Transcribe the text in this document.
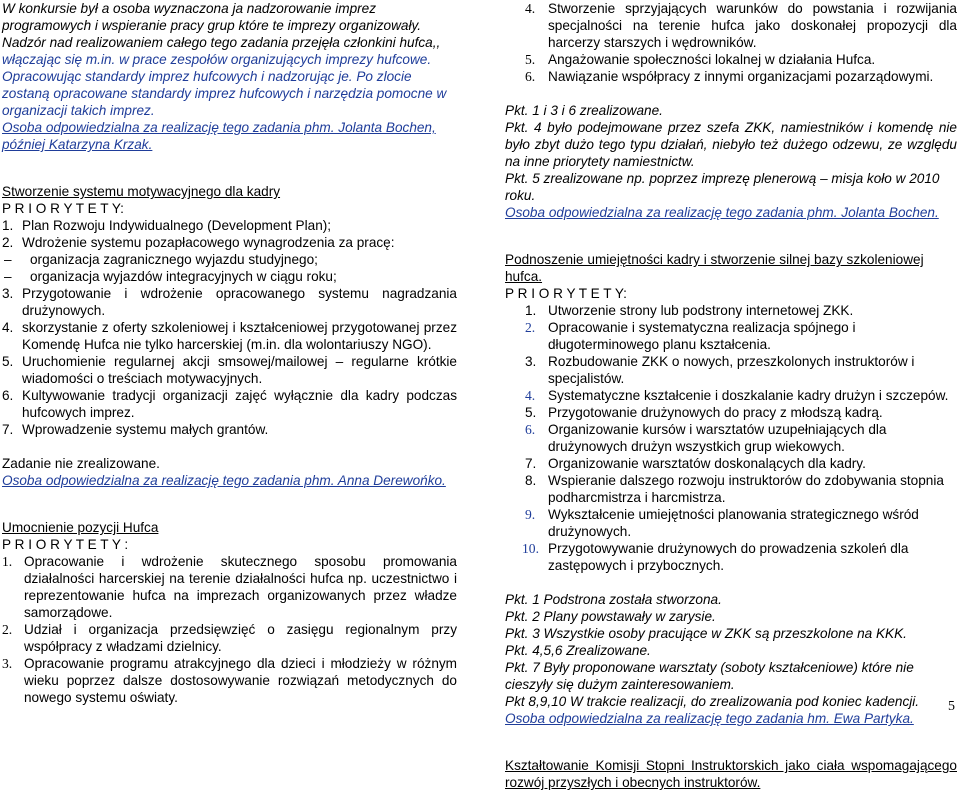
W konkursie był a osoba wyznaczona ja nadzorowanie imprez

programowych i wspieranie pracy grup które te imprezy organizowały.

Nadzór nad realizowaniem całego tego zadania przejęła członkini hufca,,

włączając się m.in. w prace zespołów organizujących imprezy hufcowe.

Opracowując standardy imprez hufcowych i nadzorując je. Po zlocie zostaną opracowane standardy imprez hufcowych i narzędzia pomocne w organizacji takich imprez.

Osoba odpowiedzialna za realizację tego zadania phm. Jolanta Bochen, później Katarzyna Krzak.

Stworzenie systemu motywacyjnego dla kadry

P R I O R Y T E T Y:

1. Plan Rozwoju Indywidualnego (Development Plan);
2. Wdrożenie systemu pozapłacowego wynagrodzenia za pracę:
–	organizacja zagranicznego wyjazdu studyjnego;
–	organizacja wyjazdów integracyjnych w ciągu roku;
3. Przygotowanie i wdrożenie opracowanego systemu nagradzania drużynowych.
4. skorzystanie z oferty szkoleniowej i kształceniowej przygotowanej przez Komendę Hufca nie tylko harcerskiej (m.in. dla wolontariuszy NGO).
5. Uruchomienie regularnej akcji smsowej/mailowej – regularne krótkie wiadomości o treściach motywacyjnych.
6. Kultywowanie tradycji organizacji zajęć wyłącznie dla kadry podczas hufcowych imprez.
7. Wprowadzenie systemu małych grantów.

Zadanie nie zrealizowane.

Osoba odpowiedzialna za realizację tego zadania phm. Anna Derewońko.

Umocnienie pozycji Hufca

P R I O R Y T E T Y :

1. Opracowanie i wdrożenie skutecznego sposobu promowania działalności harcerskiej na terenie działalności hufca np. uczestnictwo i reprezentowanie hufca na imprezach organizowanych przez władze samorządowe.
2. Udział i organizacja przedsięwzięć o zasięgu regionalnym przy współpracy z władzami dzielnicy.
3. Opracowanie programu atrakcyjnego dla dzieci i młodzieży w różnym wieku poprzez dalsze dostosowywanie rozwiązań metodycznych do nowego systemu oświaty.
4. Stworzenie sprzyjających warunków do powstania i rozwijania specjalności na terenie hufca jako doskonałej propozycji dla harcerzy starszych i wędrowników.
5. Angażowanie społeczności lokalnej w działania Hufca.
6. Nawiązanie współpracy z innymi organizacjami pozarządowymi.

Pkt. 1 i 3 i 6 zrealizowane.

Pkt. 4 było podejmowane przez szefa ZKK, namiestników i komendę nie było zbyt dużo tego typu działań, niebyło też dużego odzewu, ze względu na inne priorytety namiestnictw.

Pkt. 5 zrealizowane np. poprzez imprezę plenerową – misja koło w 2010 roku.

Osoba odpowiedzialna za realizację tego zadania phm. Jolanta Bochen.

Podnoszenie umiejętności kadry i stworzenie silnej bazy szkoleniowej hufca.

P R I O R Y T E T Y:

1. Utworzenie strony lub podstrony internetowej ZKK.
2. Opracowanie i systematyczna realizacja spójnego i długoterminowego planu kształcenia.
3. Rozbudowanie ZKK o nowych, przeszkolonych instruktorów i specjalistów.
4. Systematyczne kształcenie i doszkalanie kadry drużyn i szczepów.
5. Przygotowanie drużynowych do pracy z młodszą kadrą.
6. Organizowanie kursów i warsztatów uzupełniających dla drużynowych drużyn wszystkich grup wiekowych.
7. Organizowanie warsztatów doskonalących dla kadry.
8. Wspieranie dalszego rozwoju instruktorów do zdobywania stopnia podharcmistrza i harcmistrza.
9. Wykształcenie umiejętności planowania strategicznego wśród drużynowych.
10. Przygotowywanie drużynowych do prowadzenia szkoleń dla zastępowych i przybocznych.

Pkt. 1 Podstrona została stworzona.

Pkt. 2 Plany powstawały w zarysie.

Pkt. 3 Wszystkie osoby pracujące w ZKK są przeszkolone na KKK.

Pkt. 4,5,6 Zrealizowane.

Pkt. 7 Były proponowane warsztaty (soboty kształceniowe) które nie cieszyły się dużym zainteresowaniem.

Pkt 8,9,10 W trakcie realizacji, do zrealizowania pod koniec kadencji.

Osoba odpowiedzialna za realizację tego zadania hm. Ewa Partyka.

Kształtowanie Komisji Stopni Instruktorskich jako ciała wspomagającego rozwój przyszłych i obecnych instruktorów.

5
